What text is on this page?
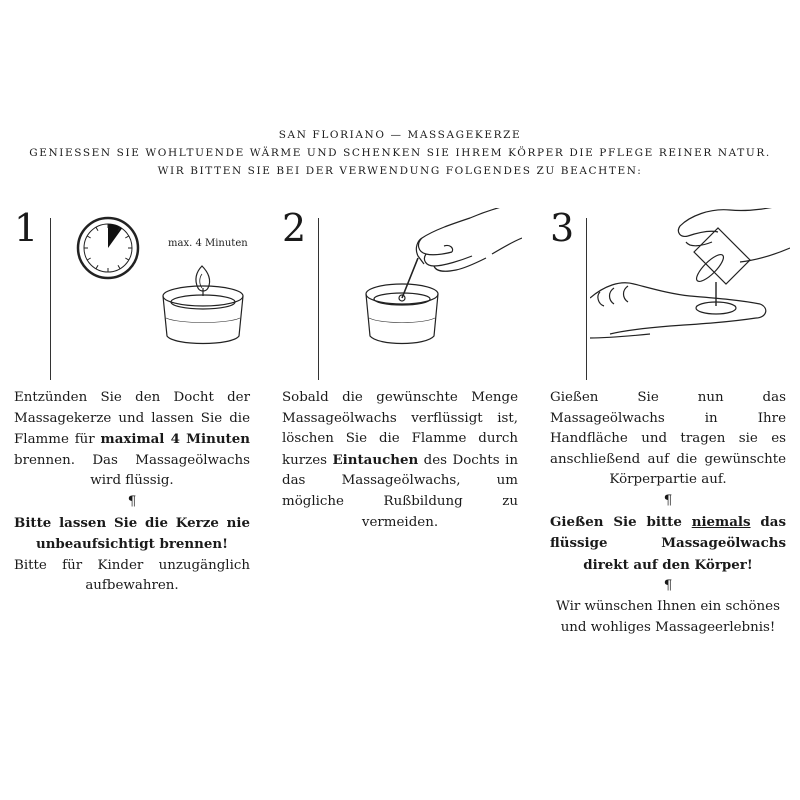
SAN FLORIANO — MASSAGEKERZE
GENIESSEN SIE WOHLTUENDE WÄRME UND SCHENKEN SIE IHREM KÖRPER DIE PFLEGE REINER NATUR.
WIR BITTEN SIE BEI DER VERWENDUNG FOLGENDES ZU BEACHTEN:
1	max. 4 Minuten

Entzünden Sie den Docht der Massagekerze und lassen Sie die Flamme für maximal 4 Minuten brennen. Das Massageölwachs wird flüssig.

¶

Bitte lassen Sie die Kerze nie unbeaufsichtigt brennen!

Bitte für Kinder unzugänglich aufbewahren.

2

Sobald die gewünschte Menge Massageölwachs verflüssigt ist, löschen Sie die Flamme durch kurzes Eintauchen des Dochts in das Massageölwachs, um mögliche Rußbildung zu vermeiden.

3

Gießen Sie nun das Massageölwachs in Ihre Handfläche und tragen sie es anschließend auf die gewünschte Körperpartie auf.

¶

Gießen Sie bitte niemals das flüssige Massageölwachs direkt auf den Körper!

¶

Wir wünschen Ihnen ein schönes und wohliges Massageerlebnis!
